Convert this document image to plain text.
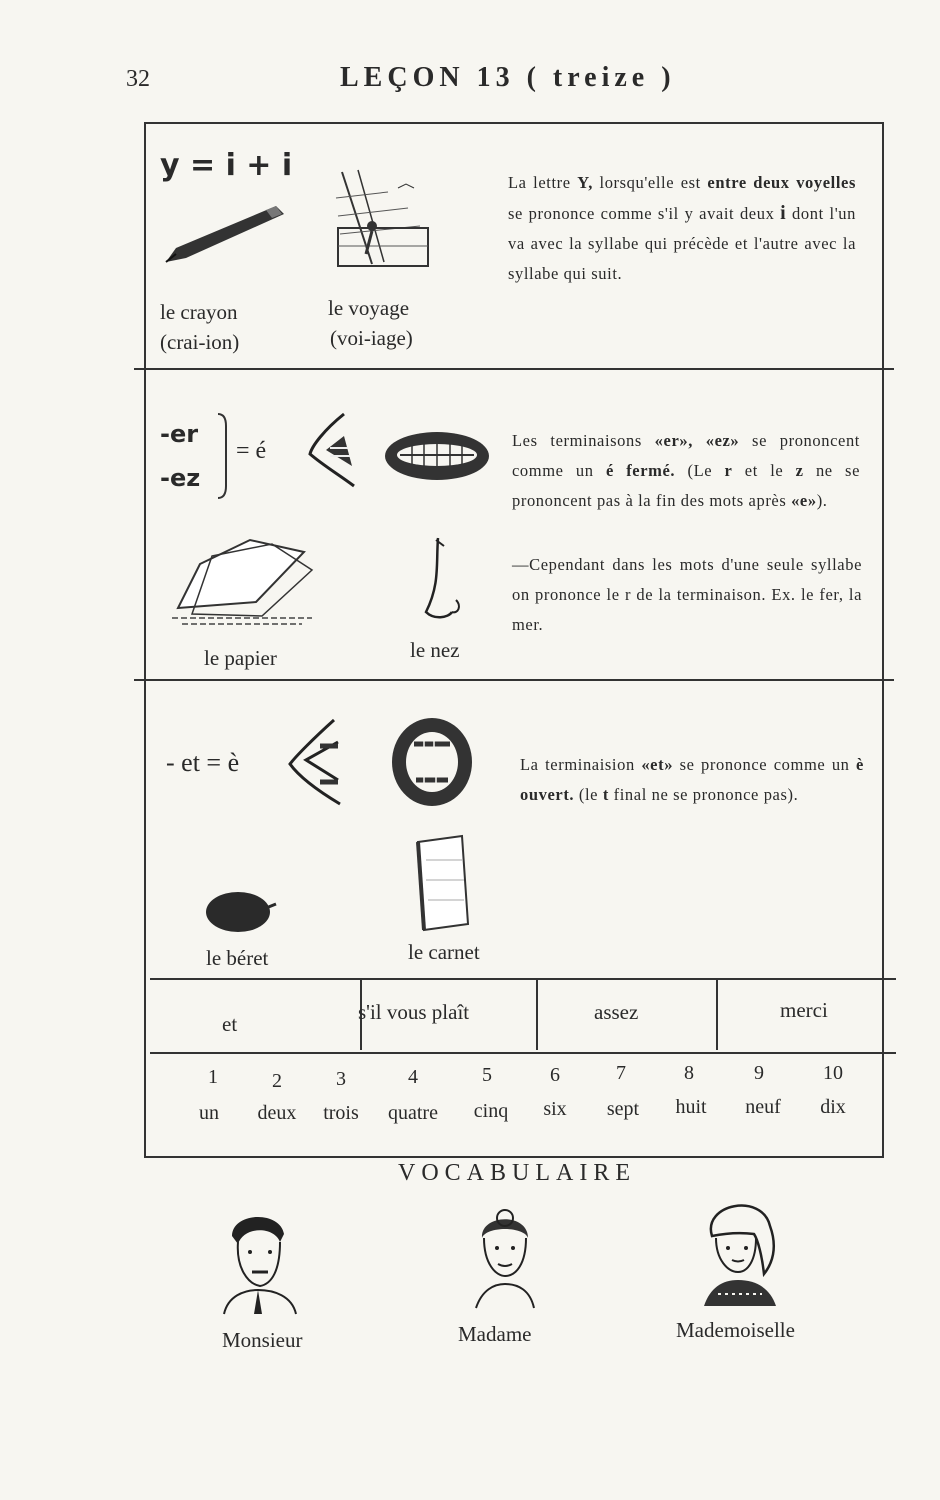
32	LEÇON 13 ( treize )
y = i + i
le crayon
(crai-ion)
le voyage
(voi-iage)
La lettre Y, lorsqu'elle est entre deux voyelles se prononce comme s'il y avait deux i dont l'un va avec la syllabe qui précède et l'autre avec la syllabe qui suit.
-er
-ez
= é
le papier	le nez
Les terminaisons «er», «ez» se prononcent comme un é fermé. (Le r et le z ne se prononcent pas à la fin des mots après «e»).
—Cependant dans les mots d'une seule syllabe on prononce le r de la terminaison. Ex. le fer, la mer.
- et = è
le béret	le carnet
La terminaision «et» se prononce comme un è ouvert. (le t final ne se prononce pas).
et	s'il vous plaît	assez	merci
1	2	3	4	5	6	7	8	9	10
un	deux	trois	quatre	cinq	six	sept	huit	neuf	dix
VOCABULAIRE
Monsieur	Madame	Mademoiselle
